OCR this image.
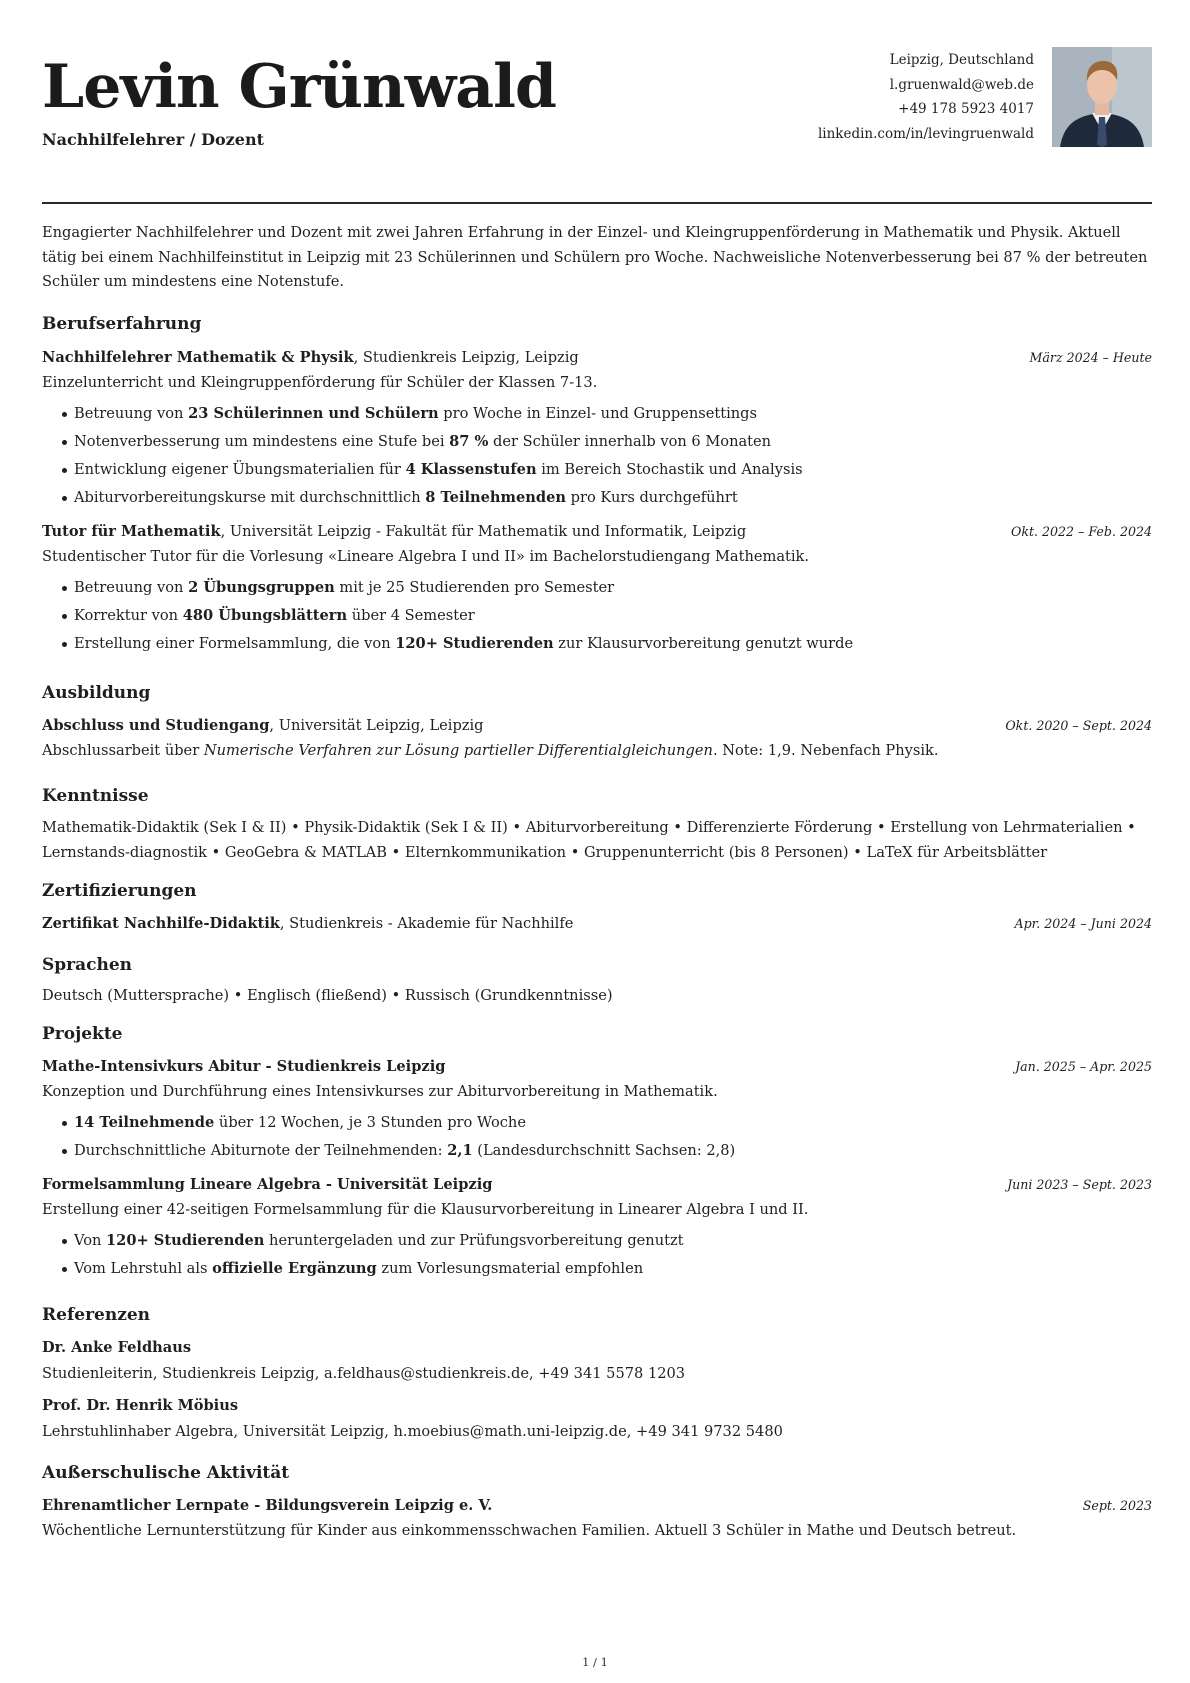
Levin Grünwald
Nachhilfelehrer / Dozent
Leipzig, Deutschland
l.gruenwald@web.de
+49 178 5923 4017
linkedin.com/in/levingruenwald

Engagierter Nachhilfelehrer und Dozent mit zwei Jahren Erfahrung in der Einzel- und Kleingruppenförderung in Mathematik und Physik. Aktuell tätig bei einem Nachhilfeinstitut in Leipzig mit 23 Schülerinnen und Schülern pro Woche. Nachweisliche Notenverbesserung bei 87 % der betreuten Schüler um mindestens eine Notenstufe.

Berufserfahrung
Nachhilfelehrer Mathematik & Physik, Studienkreis Leipzig, Leipzig	März 2024 – Heute
Einzelunterricht und Kleingruppenförderung für Schüler der Klassen 7-13.
Betreuung von 23 Schülerinnen und Schülern pro Woche in Einzel- und Gruppensettings
Notenverbesserung um mindestens eine Stufe bei 87 % der Schüler innerhalb von 6 Monaten
Entwicklung eigener Übungsmaterialien für 4 Klassenstufen im Bereich Stochastik und Analysis
Abiturvorbereitungskurse mit durchschnittlich 8 Teilnehmenden pro Kurs durchgeführt
Tutor für Mathematik, Universität Leipzig - Fakultät für Mathematik und Informatik, Leipzig	Okt. 2022 – Feb. 2024
Studentischer Tutor für die Vorlesung «Lineare Algebra I und II» im Bachelorstudiengang Mathematik.
Betreuung von 2 Übungsgruppen mit je 25 Studierenden pro Semester
Korrektur von 480 Übungsblättern über 4 Semester
Erstellung einer Formelsammlung, die von 120+ Studierenden zur Klausurvorbereitung genutzt wurde
Ausbildung
Abschluss und Studiengang, Universität Leipzig, Leipzig	Okt. 2020 – Sept. 2024
Abschlussarbeit über Numerische Verfahren zur Lösung partieller Differentialgleichungen. Note: 1,9. Nebenfach Physik.
Kenntnisse
Mathematik-Didaktik (Sek I & II) • Physik-Didaktik (Sek I & II) • Abiturvorbereitung • Differenzierte Förderung • Erstellung von Lehrmaterialien • Lernstands-diagnostik • GeoGebra & MATLAB • Elternkommunikation • Gruppenunterricht (bis 8 Personen) • LaTeX für Arbeitsblätter
Zertifizierungen
Zertifikat Nachhilfe-Didaktik, Studienkreis - Akademie für Nachhilfe	Apr. 2024 – Juni 2024
Sprachen
Deutsch (Muttersprache) • Englisch (fließend) • Russisch (Grundkenntnisse)
Projekte
Mathe-Intensivkurs Abitur - Studienkreis Leipzig	Jan. 2025 – Apr. 2025
Konzeption und Durchführung eines Intensivkurses zur Abiturvorbereitung in Mathematik.
14 Teilnehmende über 12 Wochen, je 3 Stunden pro Woche
Durchschnittliche Abiturnote der Teilnehmenden: 2,1 (Landesdurchschnitt Sachsen: 2,8)
Formelsammlung Lineare Algebra - Universität Leipzig	Juni 2023 – Sept. 2023
Erstellung einer 42-seitigen Formelsammlung für die Klausurvorbereitung in Linearer Algebra I und II.
Von 120+ Studierenden heruntergeladen und zur Prüfungsvorbereitung genutzt
Vom Lehrstuhl als offizielle Ergänzung zum Vorlesungsmaterial empfohlen
Referenzen
Dr. Anke Feldhaus
Studienleiterin, Studienkreis Leipzig, a.feldhaus@studienkreis.de, +49 341 5578 1203
Prof. Dr. Henrik Möbius
Lehrstuhlinhaber Algebra, Universität Leipzig, h.moebius@math.uni-leipzig.de, +49 341 9732 5480
Außerschulische Aktivität
Ehrenamtlicher Lernpate - Bildungsverein Leipzig e. V.	Sept. 2023
Wöchentliche Lernunterstützung für Kinder aus einkommensschwachen Familien. Aktuell 3 Schüler in Mathe und Deutsch betreut.
1 / 1
